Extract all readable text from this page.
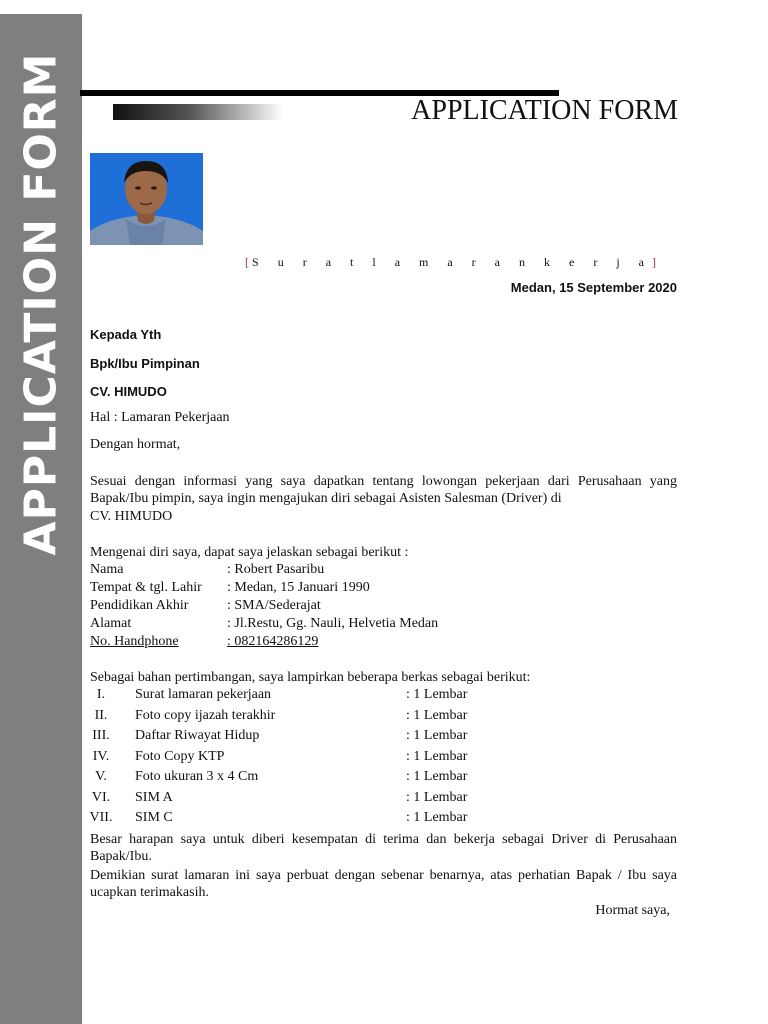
APPLICATION FORM	APPLICATION FORM
[ S u r a t l a m a r a n k e r j a]
Medan, 15 September 2020
Kepada Yth
Bpk/Ibu Pimpinan
CV. HIMUDO
Hal : Lamaran Pekerjaan
Dengan hormat,

Sesuai dengan informasi yang saya dapatkan tentang lowongan pekerjaan dari Perusahaan yang Bapak/Ibu pimpin, saya ingin mengajukan diri sebagai Asisten Salesman (Driver) di

CV. HIMUDO
Mengenai diri saya, dapat saya jelaskan sebagai berikut :
Nama	: Robert Pasaribu
Tempat & tgl. Lahir : Medan, 15 Januari 1990
Pendidikan Akhir	: SMA/Sederajat
Alamat	: Jl.Restu, Gg. Nauli, Helvetia Medan
No. Handphone	: 082164286129
Sebagai bahan pertimbangan, saya lampirkan beberapa berkas sebagai berikut:
I.	Surat lamaran pekerjaan	: 1 Lembar
II.	Foto copy ijazah terakhir	: 1 Lembar
III.	Daftar Riwayat Hidup	: 1 Lembar
IV.	Foto Copy KTP	: 1 Lembar
V.	Foto ukuran 3 x 4 Cm	: 1 Lembar
VI.	SIM A	: 1 Lembar
VII. SIM C	: 1 Lembar

Besar harapan saya untuk diberi kesempatan di terima dan bekerja sebagai Driver di Perusahaan Bapak/Ibu.

Demikian surat lamaran ini saya perbuat dengan sebenar benarnya, atas perhatian Bapak / Ibu saya ucapkan terimakasih.

Hormat saya,
